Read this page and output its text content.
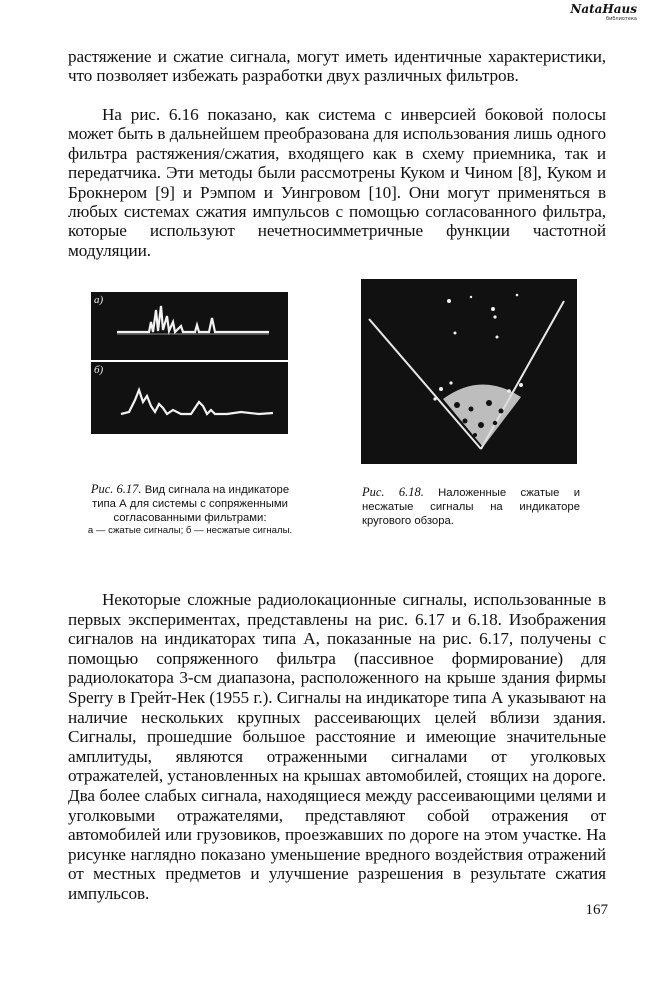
NataHaus
библиотека

растяжение и сжатие сигнала, могут иметь идентичные характеристики, что позволяет избежать разработки двух различных фильтров.

На рис. 6.16 показано, как система с инверсией боковой полосы может быть в дальнейшем преобразована для использования лишь одного фильтра растяжения/сжатия, входящего как в схему приемника, так и передатчика. Эти методы были рассмотрены Куком и Чином [8], Куком и Брокнером [9] и Рэмпом и Уингровом [10]. Они могут применяться в любых системах сжатия импульсов с помощью согласованного фильтра, которые используют нечетносимметричные функции частотной модуляции.

а)
б)
Рис. 6.17. Вид сигнала на индикаторе типа А для системы с сопряженными согласованными фильтрами:
а — сжатые сигналы; б — несжатые сигналы.
Рис. 6.18. Наложенные сжатые и несжатые сигналы на индикаторе кругового обзора.

Некоторые сложные радиолокационные сигналы, использованные в первых экспериментах, представлены на рис. 6.17 и 6.18. Изображения сигналов на индикаторах типа А, показанные на рис. 6.17, получены с помощью сопряженного фильтра (пассивное формирование) для радиолокатора 3-см диапазона, расположенного на крыше здания фирмы Sperry в Грейт-Нек (1955 г.). Сигналы на индикаторе типа А указывают на наличие нескольких крупных рассеивающих целей вблизи здания. Сигналы, прошедшие большое расстояние и имеющие значительные амплитуды, являются отраженными сигналами от уголковых отражателей, установленных на крышах автомобилей, стоящих на дороге. Два более слабых сигнала, находящиеся между рассеивающими целями и уголковыми отражателями, представляют собой отражения от автомобилей или грузовиков, проезжавших по дороге на этом участке. На рисунке наглядно показано уменьшение вредного воздействия отражений от местных предметов и улучшение разрешения в результате сжатия импульсов.

167
